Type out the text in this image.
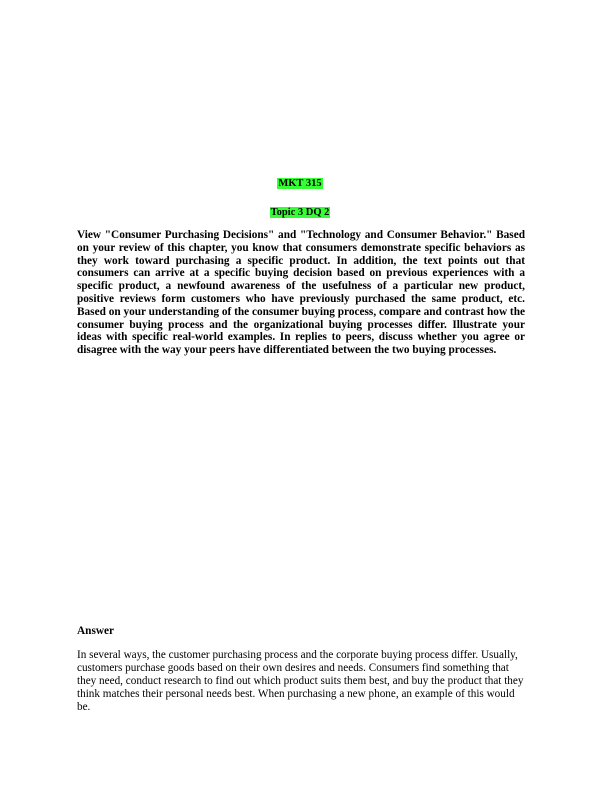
MKT 315
Topic 3 DQ 2

View "Consumer Purchasing Decisions" and "Technology and Consumer Behavior." Based on your review of this chapter, you know that consumers demonstrate specific behaviors as they work toward purchasing a specific product. In addition, the text points out that consumers can arrive at a specific buying decision based on previous experiences with a specific product, a newfound awareness of the usefulness of a particular new product, positive reviews form customers who have previously purchased the same product, etc. Based on your understanding of the consumer buying process, compare and contrast how the consumer buying process and the organizational buying processes differ. Illustrate your ideas with specific real-world examples. In replies to peers, discuss whether you agree or disagree with the way your peers have differentiated between the two buying processes.

Answer

In several ways, the customer purchasing process and the corporate buying process differ. Usually, customers purchase goods based on their own desires and needs. Consumers find something that they need, conduct research to find out which product suits them best, and buy the product that they think matches their personal needs best. When purchasing a new phone, an example of this would be.
